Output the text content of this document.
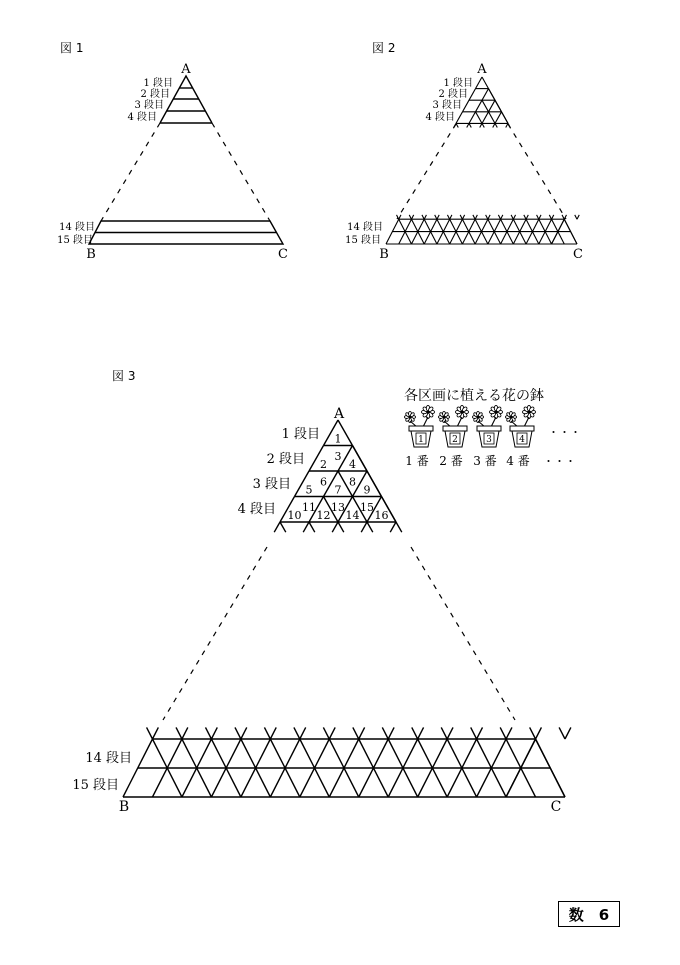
図 1
A
B	C
1 段目
2 段目
3 段目
4 段目
14 段目
15 段目
図 2
A
B	C
1 段目
2 段目
3 段目
4 段目
14 段目
15 段目
図 3
A
B	C
1 段目
2 段目
3 段目
4 段目
14 段目
15 段目
1
2
3
4
5
6
7
8
9
10
11
12
13
14
15
16
各区画に植える花の鉢
1
1 番
2
2 番
3
3 番
4
4 番
・・・
・・・
数　6
